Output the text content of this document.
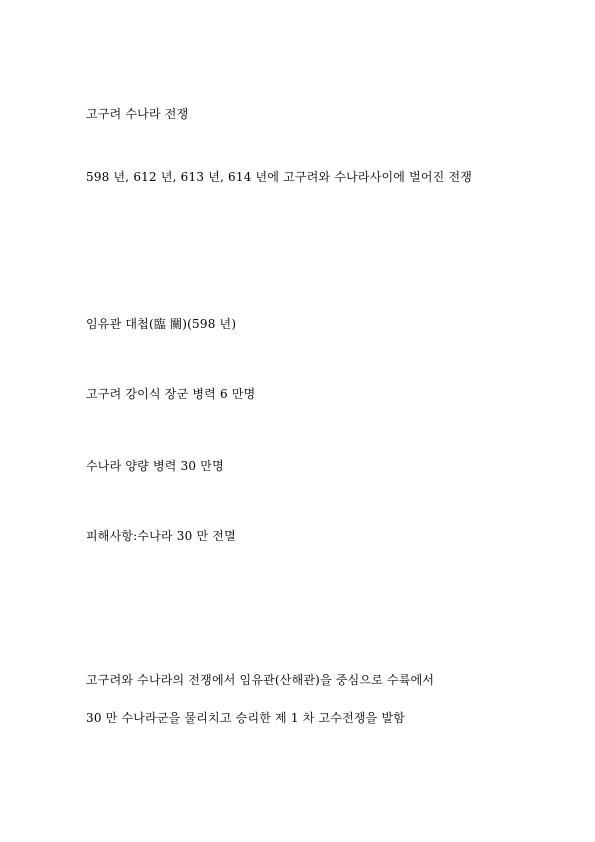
고구려 수나라 전쟁
598 년, 612 년, 613 년, 614 년에 고구려와 수나라사이에 벌어진 전쟁
임유관 대첩(臨 關)(598 년)
고구려 강이식 장군 병력 6 만명
수나라 양량 병력 30 만명
피해사항:수나라 30 만 전멸
고구려와 수나라의 전쟁에서 임유관(산해관)을 중심으로 수륙에서
30 만 수나라군을 물리치고 승리한 제 1 차 고수전쟁을 발함
